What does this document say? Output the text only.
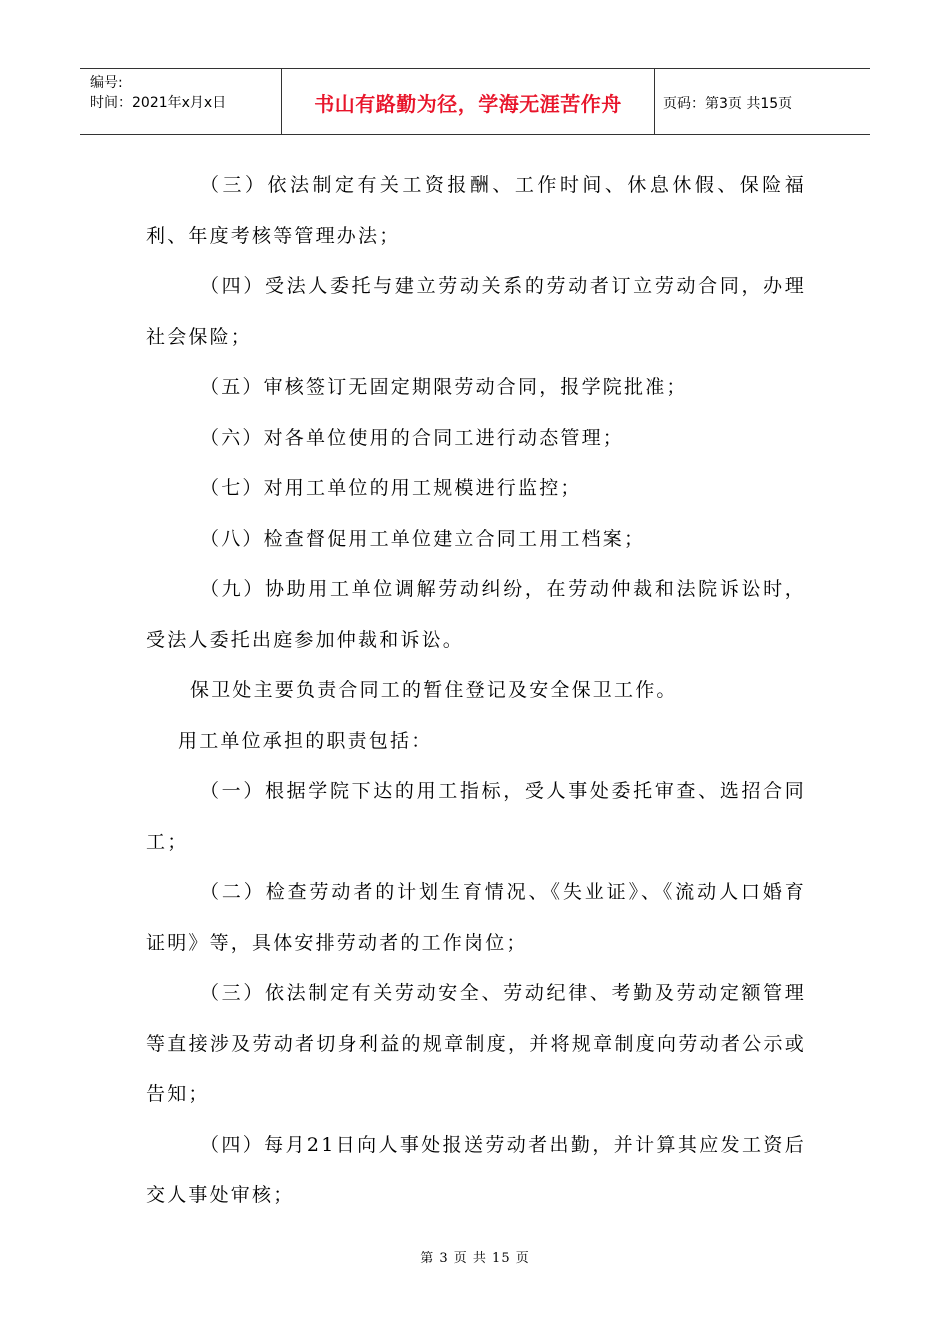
编号:
时间：2021年x月x日	书山有路勤为径，学海无涯苦作舟	页码：第3页 共15页

（三）依法制定有关工资报酬、工作时间、休息休假、保险福利、年度考核等管理办法；

（四）受法人委托与建立劳动关系的劳动者订立劳动合同，办理社会保险；

（五）审核签订无固定期限劳动合同，报学院批准；

（六）对各单位使用的合同工进行动态管理；

（七）对用工单位的用工规模进行监控；

（八）检查督促用工单位建立合同工用工档案；

（九）协助用工单位调解劳动纠纷，在劳动仲裁和法院诉讼时，受法人委托出庭参加仲裁和诉讼。

保卫处主要负责合同工的暂住登记及安全保卫工作。

用工单位承担的职责包括：

（一）根据学院下达的用工指标，受人事处委托审查、选招合同工；

（二）检查劳动者的计划生育情况、《失业证》、《流动人口婚育证明》等，具体安排劳动者的工作岗位；

（三）依法制定有关劳动安全、劳动纪律、考勤及劳动定额管理等直接涉及劳动者切身利益的规章制度，并将规章制度向劳动者公示或告知；

（四）每月21日向人事处报送劳动者出勤，并计算其应发工资后交人事处审核；

第 3 页 共 15 页
